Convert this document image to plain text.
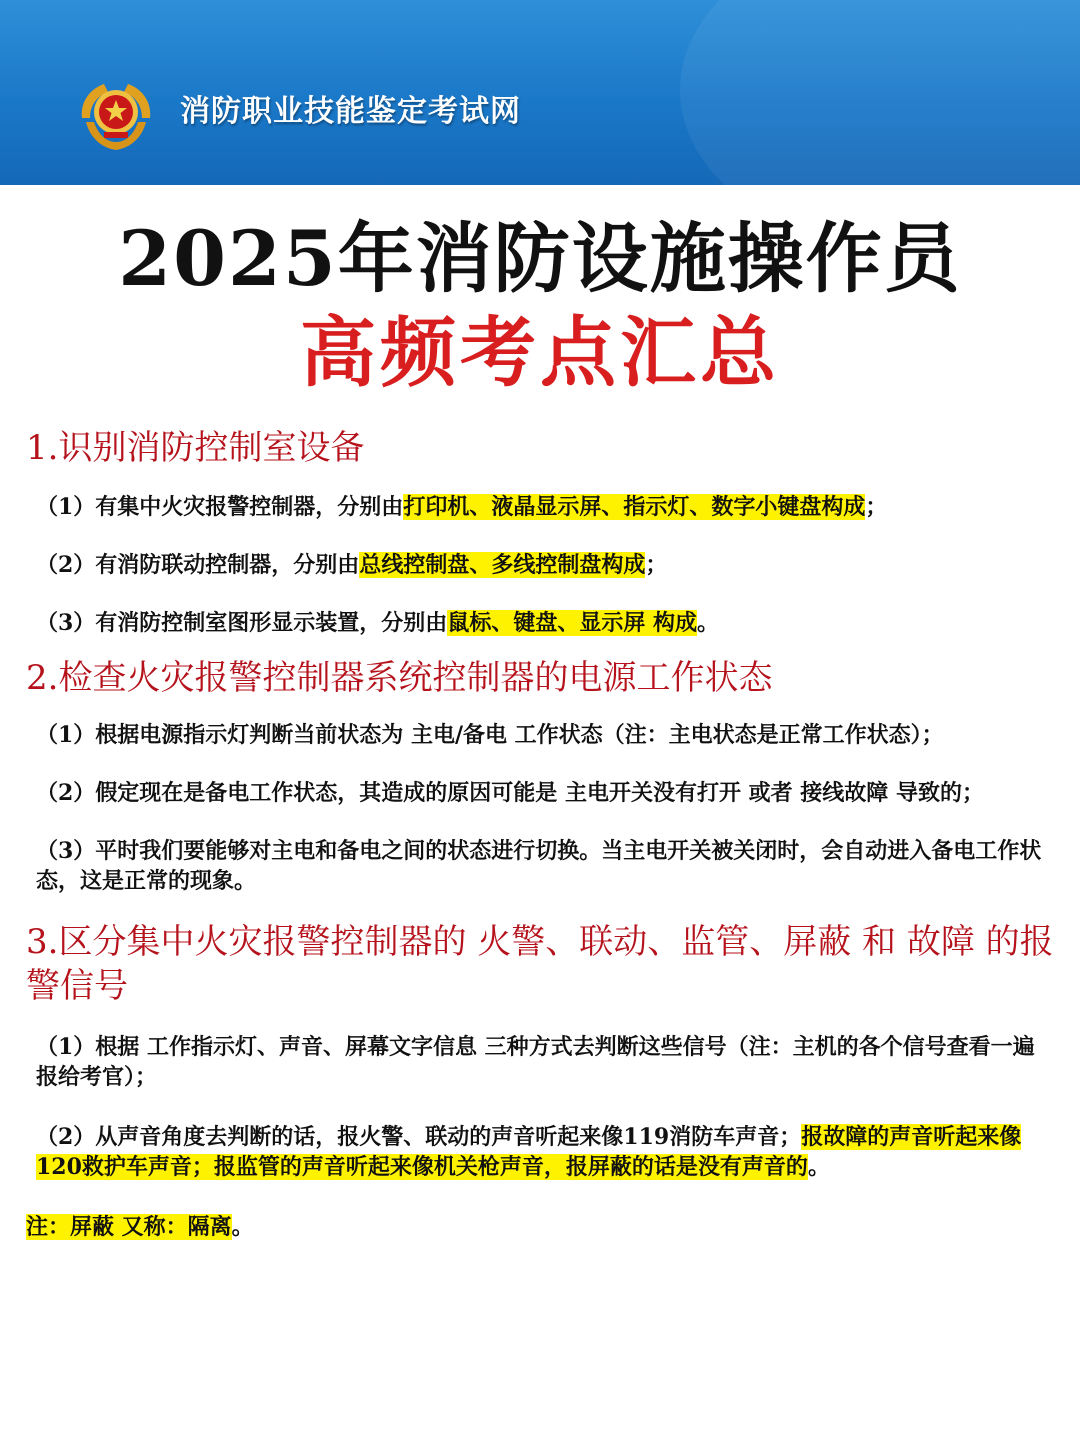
消防职业技能鉴定考试网
2025年消防设施操作员
高频考点汇总
1.识别消防控制室设备

（1）有集中火灾报警控制器，分别由打印机、液晶显示屏、指示灯、数字小键盘构成；

（2）有消防联动控制器，分别由总线控制盘、多线控制盘构成；

（3）有消防控制室图形显示装置，分别由鼠标、键盘、显示屏 构成。

2.检查火灾报警控制器系统控制器的电源工作状态

（1）根据电源指示灯判断当前状态为 主电/备电 工作状态（注：主电状态是正常工作状态）；

（2）假定现在是备电工作状态，其造成的原因可能是 主电开关没有打开 或者 接线故障 导致的；

（3）平时我们要能够对主电和备电之间的状态进行切换。当主电开关被关闭时，会自动进入备电工作状态，这是正常的现象。

3.区分集中火灾报警控制器的 火警、联动、监管、屏蔽 和 故障 的报警信号

（1）根据 工作指示灯、声音、屏幕文字信息 三种方式去判断这些信号（注：主机的各个信号查看一遍报给考官）；

（2）从声音角度去判断的话，报火警、联动的声音听起来像119消防车声音；报故障的声音听起来像120救护车声音；报监管的声音听起来像机关枪声音，报屏蔽的话是没有声音的。

注：屏蔽 又称：隔离。
